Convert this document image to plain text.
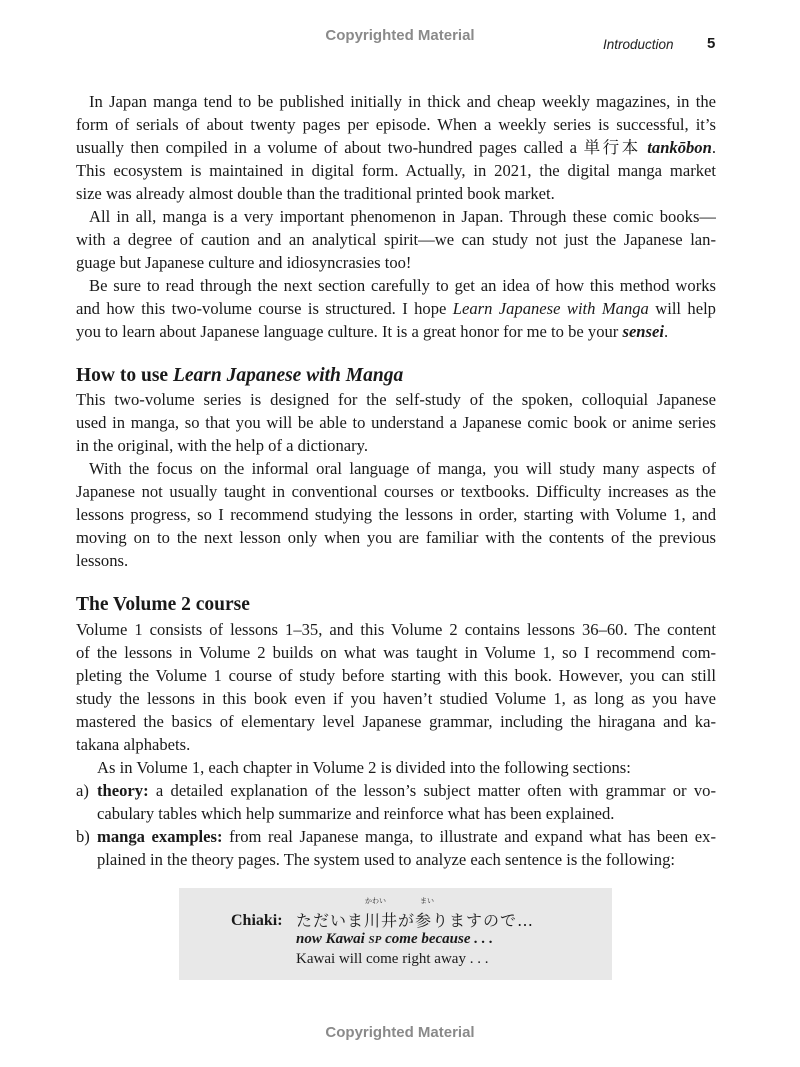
Copyrighted Material
Introduction 5
In Japan manga tend to be published initially in thick and cheap weekly magazines, in the
form of serials of about twenty pages per episode. When a weekly series is successful, it’s
usually then compiled in a volume of about two-hundred pages called a 単行本 tankōbon.
This ecosystem is maintained in digital form. Actually, in 2021, the digital manga market
size was already almost double than the traditional printed book market.
All in all, manga is a very important phenomenon in Japan. Through these comic books—
with a degree of caution and an analytical spirit—we can study not just the Japanese lan-
guage but Japanese culture and idiosyncrasies too!
Be sure to read through the next section carefully to get an idea of how this method works
and how this two-volume course is structured. I hope Learn Japanese with Manga will help
you to learn about Japanese language culture. It is a great honor for me to be your sensei.
How to use Learn Japanese with Manga
This two-volume series is designed for the self-study of the spoken, colloquial Japanese
used in manga, so that you will be able to understand a Japanese comic book or anime series
in the original, with the help of a dictionary.
With the focus on the informal oral language of manga, you will study many aspects of
Japanese not usually taught in conventional courses or textbooks. Difficulty increases as the
lessons progress, so I recommend studying the lessons in order, starting with Volume 1, and
moving on to the next lesson only when you are familiar with the contents of the previous
lessons.
The Volume 2 course
Volume 1 consists of lessons 1–35, and this Volume 2 contains lessons 36–60. The content
of the lessons in Volume 2 builds on what was taught in Volume 1, so I recommend com-
pleting the Volume 1 course of study before starting with this book. However, you can still
study the lessons in this book even if you haven’t studied Volume 1, as long as you have
mastered the basics of elementary level Japanese grammar, including the hiragana and ka-
takana alphabets.
As in Volume 1, each chapter in Volume 2 is divided into the following sections:
a) theory: a detailed explanation of the lesson’s subject matter often with grammar or vo-
cabulary tables which help summarize and reinforce what has been explained.
b) manga examples: from real Japanese manga, to illustrate and expand what has been ex-
plained in the theory pages. The system used to analyze each sentence is the following:
Chiaki:
かわい	まい
ただいま川井が参りますので…
now Kawai SP come because . . .
Kawai will come right away . . .
Copyrighted Material
